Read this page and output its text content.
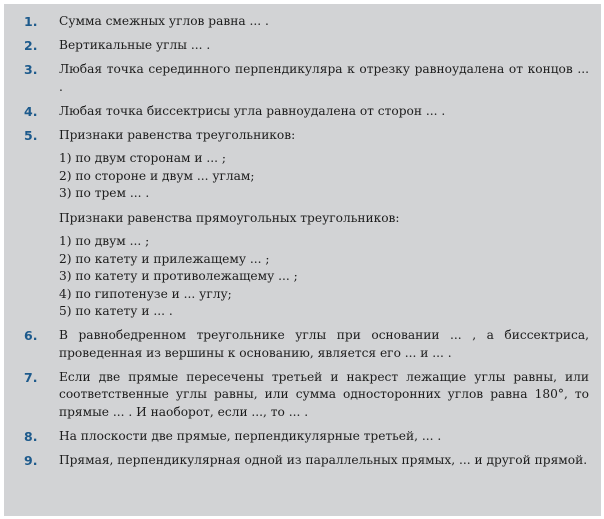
1. Сумма смежных углов равна ... .
2. Вертикальные углы ... .
3. Любая точка серединного перпендикуляра к отрезку равноудалена от концов ... .
4. Любая точка биссектрисы угла равноудалена от сторон ... .
5. Признаки равенства треугольников:
1) по двум сторонам и ... ;
2) по стороне и двум ... углам;
3) по трем ... .
Признаки равенства прямоугольных треугольников:
1) по двум ... ;
2) по катету и прилежащему ... ;
3) по катету и противолежащему ... ;
4) по гипотенузе и ... углу;
5) по катету и ... .
6. В равнобедренном треугольнике углы при основании ... , а биссектриса, проведенная из вершины к основанию, является его ... и ... .
7. Если две прямые пересечены третьей и накрест лежащие углы равны, или соответственные углы равны, или сумма односторонних углов равна 180°, то прямые ... . И наоборот, если ..., то ... .
8. На плоскости две прямые, перпендикулярные третьей, ... .
9. Прямая, перпендикулярная одной из параллельных прямых, ... и другой прямой.
